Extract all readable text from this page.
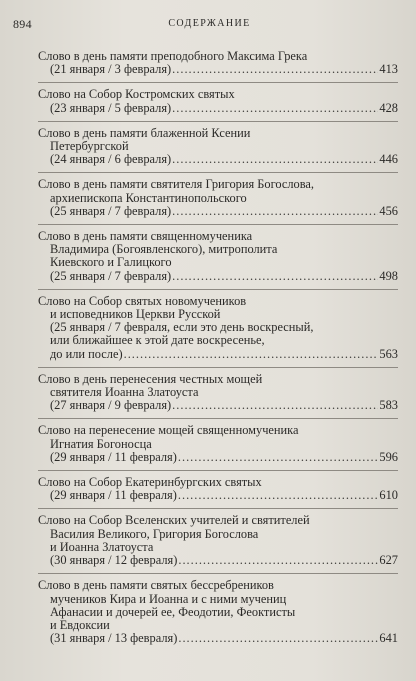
894	СОДЕРЖАНИЕ
Слово в день памяти преподобного Максима Грека
(21 января / 3 февраля) .....	413
Слово на Собор Костромских святых
(23 января / 5 февраля) .....	428
Слово в день памяти блаженной Ксении
Петербургской
(24 января / 6 февраля) .....	446
Слово в день памяти святителя Григория Богослова,
архиепископа Константинопольского
(25 января / 7 февраля) .....	456
Слово в день памяти священномученика
Владимира (Богоявленского), митрополита
Киевского и Галицкого
(25 января / 7 февраля) .....	498
Слово на Собор святых новомучеников
и исповедников Церкви Русской
(25 января / 7 февраля, если это день воскресный,
или ближайшее к этой дате воскресенье,
до или после) .....	563
Слово в день перенесения честных мощей
святителя Иоанна Златоуста
(27 января / 9 февраля) .....	583
Слово на перенесение мощей священномученика
Игнатия Богоносца
(29 января / 11 февраля) .....	596
Слово на Собор Екатеринбургских святых
(29 января / 11 февраля) .....	610
Слово на Собор Вселенских учителей и святителей
Василия Великого, Григория Богослова
и Иоанна Златоуста
(30 января / 12 февраля) .....	627
Слово в день памяти святых бессребреников
мучеников Кира и Иоанна и с ними мучениц
Афанасии и дочерей ее, Феодотии, Феоктисты
и Евдоксии
(31 января / 13 февраля) .....	641
